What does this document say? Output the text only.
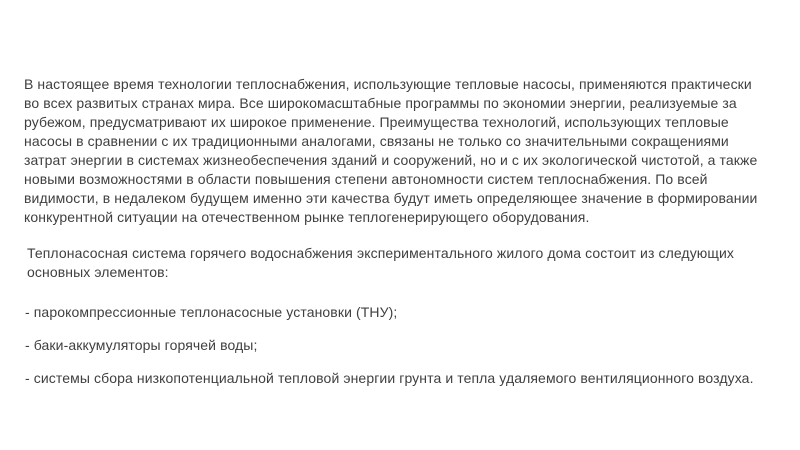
В настоящее время технологии теплоснабжения, использующие тепловые насосы, применяются практически
во всех развитых странах мира. Все широкомасштабные программы по экономии энергии, реализуемые за
рубежом, предусматривают их широкое применение. Преимущества технологий, использующих тепловые
насосы в сравнении с их традиционными аналогами, связаны не только со значительными сокращениями
затрат энергии в системах жизнеобеспечения зданий и сооружений, но и с их экологической чистотой, а также
новыми возможностями в области повышения степени автономности систем теплоснабжения. По всей
видимости, в недалеком будущем именно эти качества будут иметь определяющее значение в формировании
конкурентной ситуации на отечественном рынке теплогенерирующего оборудования.
Теплонасосная система горячего водоснабжения экспериментального жилого дома состоит из следующих
основных элементов:
- парокомпрессионные теплонасосные установки (ТНУ);
- баки-аккумуляторы горячей воды;
- системы сбора низкопотенциальной тепловой энергии грунта и тепла удаляемого вентиляционного воздуха.
